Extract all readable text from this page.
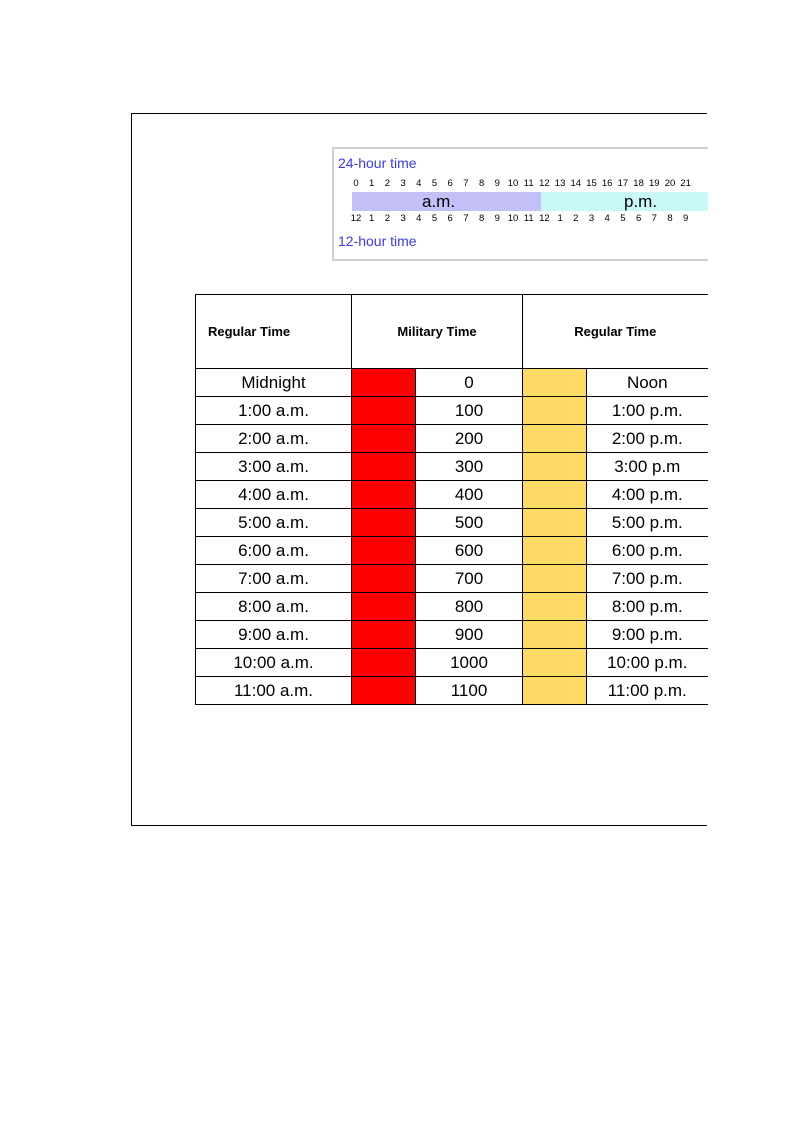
24-hour time
0 1 2 3 4 5 6 7 8 9 10 11 12 13 14 15 16 17 18 19 20 21
a.m.	p.m.
12 1 2 3 4 5 6 7 8 9 10 11 12 1 2 3 4 5 6 7 8 9
12-hour time
Regular Time	Military Time		Regular Time	
Midnight		0		Noon
1:00 a.m.		100		1:00 p.m.
2:00 a.m.		200		2:00 p.m.
3:00 a.m.		300		3:00 p.m
4:00 a.m.		400		4:00 p.m.
5:00 a.m.		500		5:00 p.m.
6:00 a.m.		600		6:00 p.m.
7:00 a.m.		700		7:00 p.m.
8:00 a.m.		800		8:00 p.m.
9:00 a.m.		900		9:00 p.m.
10:00 a.m.		1000		10:00 p.m.
11:00 a.m.		1100		11:00 p.m.
